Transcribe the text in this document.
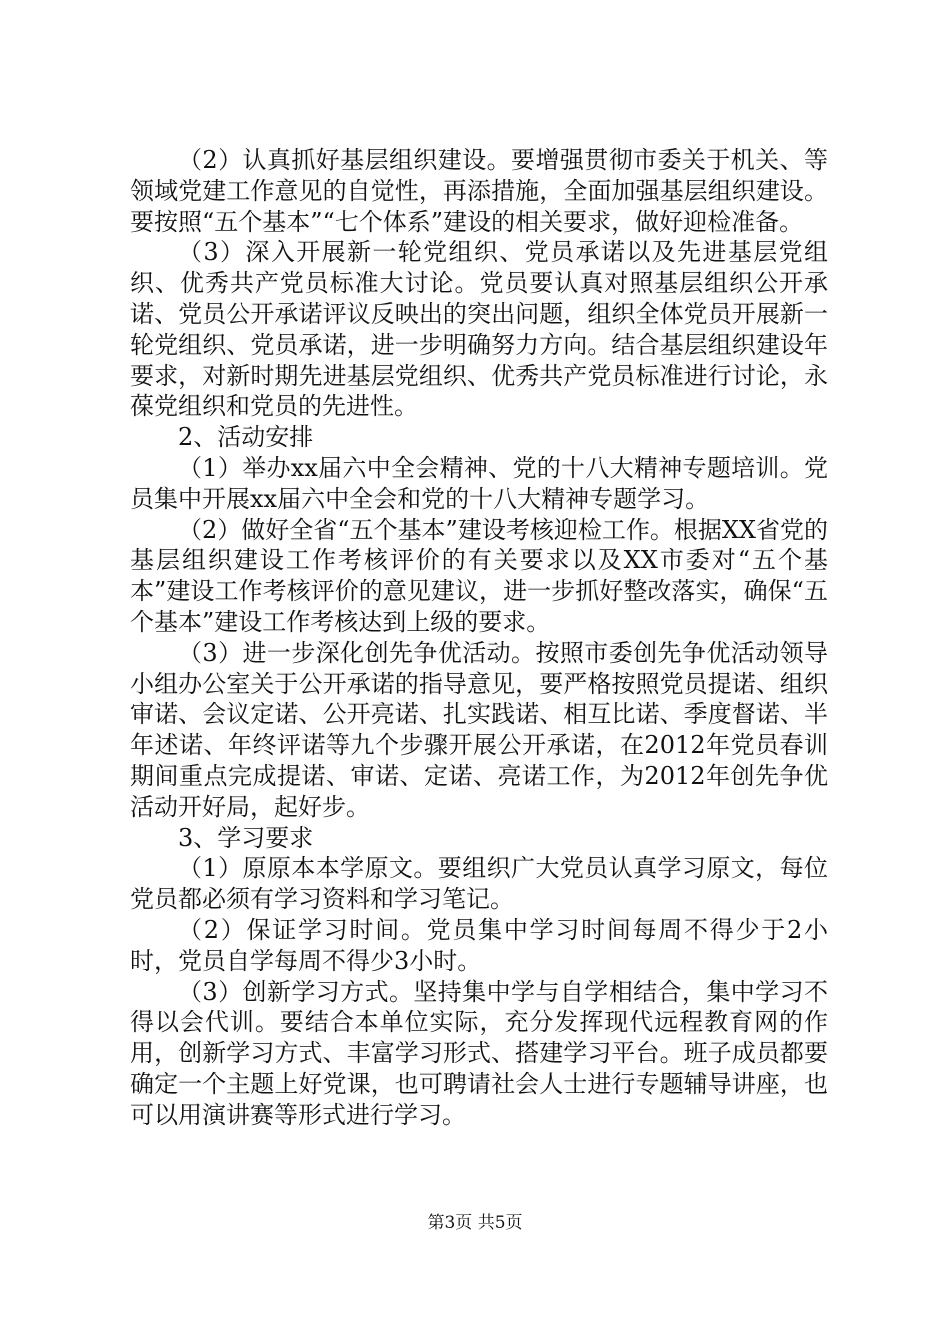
（2）认真抓好基层组织建设。要增强贯彻市委关于机关、等领域党建工作意见的自觉性，再添措施，全面加强基层组织建设。要按照“五个基本”“七个体系”建设的相关要求，做好迎检准备。

（3）深入开展新一轮党组织、党员承诺以及先进基层党组织、优秀共产党员标准大讨论。党员要认真对照基层组织公开承诺、党员公开承诺评议反映出的突出问题，组织全体党员开展新一轮党组织、党员承诺，进一步明确努力方向。结合基层组织建设年要求，对新时期先进基层党组织、优秀共产党员标准进行讨论，永葆党组织和党员的先进性。

2、活动安排

（1）举办xx届六中全会精神、党的十八大精神专题培训。党员集中开展xx届六中全会和党的十八大精神专题学习。

（2）做好全省“五个基本”建设考核迎检工作。根据XX省党的基层组织建设工作考核评价的有关要求以及XX市委对“五个基本”建设工作考核评价的意见建议，进一步抓好整改落实，确保“五个基本”建设工作考核达到上级的要求。

（3）进一步深化创先争优活动。按照市委创先争优活动领导小组办公室关于公开承诺的指导意见，要严格按照党员提诺、组织审诺、会议定诺、公开亮诺、扎实践诺、相互比诺、季度督诺、半年述诺、年终评诺等九个步骤开展公开承诺，在2012年党员春训期间重点完成提诺、审诺、定诺、亮诺工作，为2012年创先争优活动开好局，起好步。

3、学习要求

（1）原原本本学原文。要组织广大党员认真学习原文，每位党员都必须有学习资料和学习笔记。

（2）保证学习时间。党员集中学习时间每周不得少于2小时，党员自学每周不得少3小时。

（3）创新学习方式。坚持集中学与自学相结合，集中学习不得以会代训。要结合本单位实际，充分发挥现代远程教育网的作用，创新学习方式、丰富学习形式、搭建学习平台。班子成员都要确定一个主题上好党课，也可聘请社会人士进行专题辅导讲座，也可以用演讲赛等形式进行学习。

第3页 共5页
